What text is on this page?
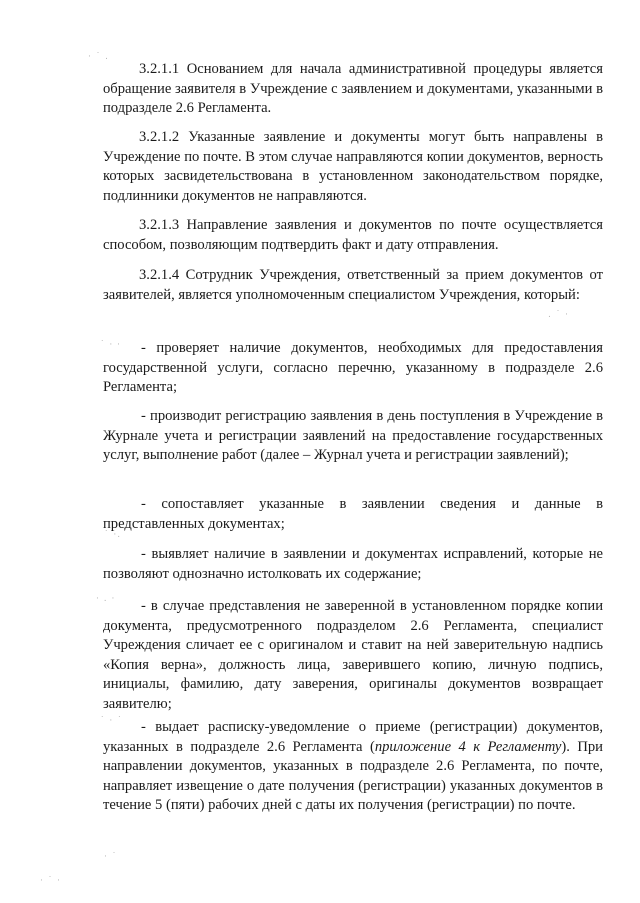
3.2.1.1 Основанием для начала административной процедуры является обращение заявителя в Учреждение с заявлением и документами, указанными в подразделе 2.6 Регламента.

3.2.1.2 Указанные заявление и документы могут быть направлены в Учреждение по почте. В этом случае направляются копии документов, верность которых засвидетельствована в установленном законодательством порядке, подлинники документов не направляются.

3.2.1.3 Направление заявления и документов по почте осуществляется способом, позволяющим подтвердить факт и дату отправления.

3.2.1.4 Сотрудник Учреждения, ответственный за прием документов от заявителей, является уполномоченным специалистом Учреждения, который:

- проверяет наличие документов, необходимых для предоставления государственной услуги, согласно перечню, указанному в подразделе 2.6 Регламента;

- производит регистрацию заявления в день поступления в Учреждение в Журнале учета и регистрации заявлений на предоставление государственных услуг, выполнение работ (далее – Журнал учета и регистрации заявлений);

- сопоставляет указанные в заявлении сведения и данные в представленных документах;

- выявляет наличие в заявлении и документах исправлений, которые не позволяют однозначно истолковать их содержание;

- в случае представления не заверенной в установленном порядке копии документа, предусмотренного подразделом 2.6 Регламента, специалист Учреждения сличает ее с оригиналом и ставит на ней заверительную надпись «Копия верна», должность лица, заверившего копию, личную подпись, инициалы, фамилию, дату заверения, оригиналы документов возвращает заявителю;

- выдает расписку-уведомление о приеме (регистрации) документов, указанных в подразделе 2.6 Регламента (приложение 4 к Регламенту). При направлении документов, указанных в подразделе 2.6 Регламента, по почте, направляет извещение о дате получения (регистрации) указанных документов в течение 5 (пяти) рабочих дней с даты их получения (регистрации) по почте.

· ˙ .
˙ · ·
. ˙ ·
˙ ·.
· . ·
˙ · ˙
· ˙
· ˙ ·
